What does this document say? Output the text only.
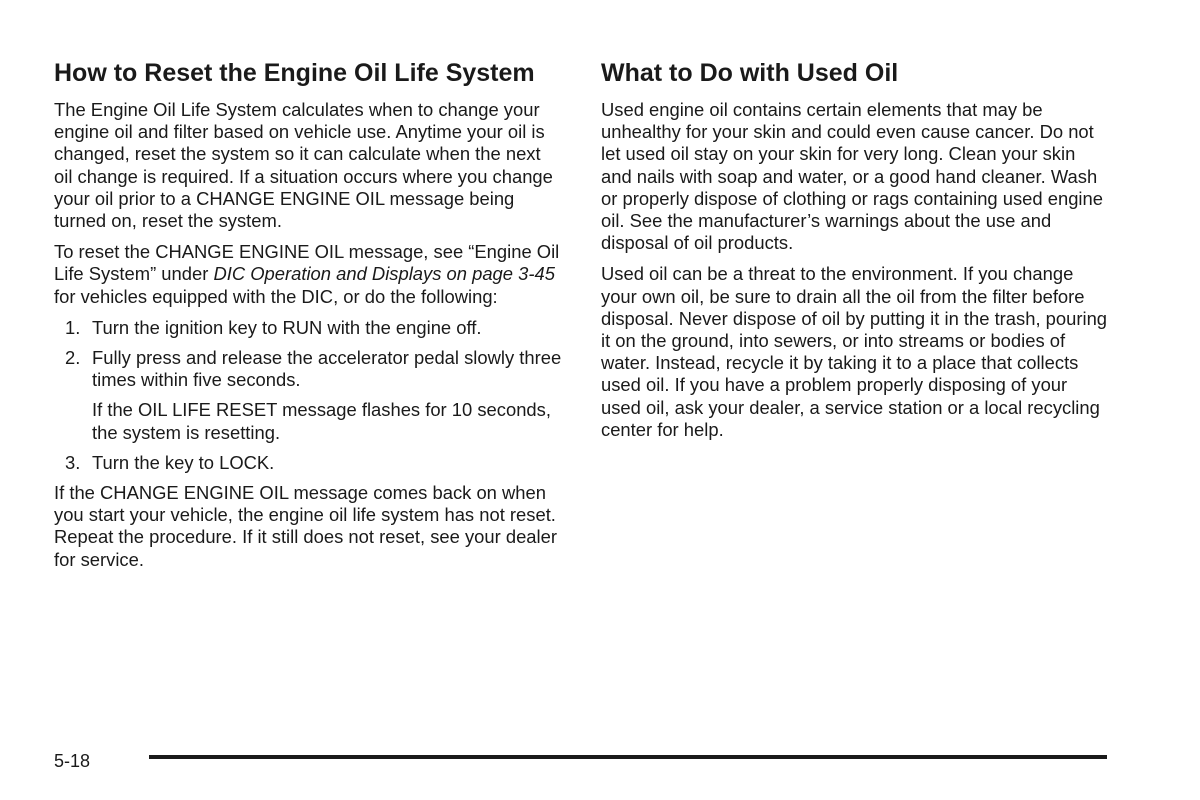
How to Reset the Engine Oil Life System

The Engine Oil Life System calculates when to change your engine oil and filter based on vehicle use. Anytime your oil is changed, reset the system so it can calculate when the next oil change is required. If a situation occurs where you change your oil prior to a CHANGE ENGINE OIL message being turned on, reset the system.

To reset the CHANGE ENGINE OIL message, see “Engine Oil Life System” under DIC Operation and Displays on page 3-45 for vehicles equipped with the DIC, or do the following:

1. Turn the ignition key to RUN with the engine off.
2. Fully press and release the accelerator pedal slowly three times within five seconds.
If the OIL LIFE RESET message flashes for 10 seconds, the system is resetting.
3. Turn the key to LOCK.

If the CHANGE ENGINE OIL message comes back on when you start your vehicle, the engine oil life system has not reset. Repeat the procedure. If it still does not reset, see your dealer for service.

What to Do with Used Oil

Used engine oil contains certain elements that may be unhealthy for your skin and could even cause cancer. Do not let used oil stay on your skin for very long. Clean your skin and nails with soap and water, or a good hand cleaner. Wash or properly dispose of clothing or rags containing used engine oil. See the manufacturer’s warnings about the use and disposal of oil products.

Used oil can be a threat to the environment. If you change your own oil, be sure to drain all the oil from the filter before disposal. Never dispose of oil by putting it in the trash, pouring it on the ground, into sewers, or into streams or bodies of water. Instead, recycle it by taking it to a place that collects used oil. If you have a problem properly disposing of your used oil, ask your dealer, a service station or a local recycling center for help.

5-18
